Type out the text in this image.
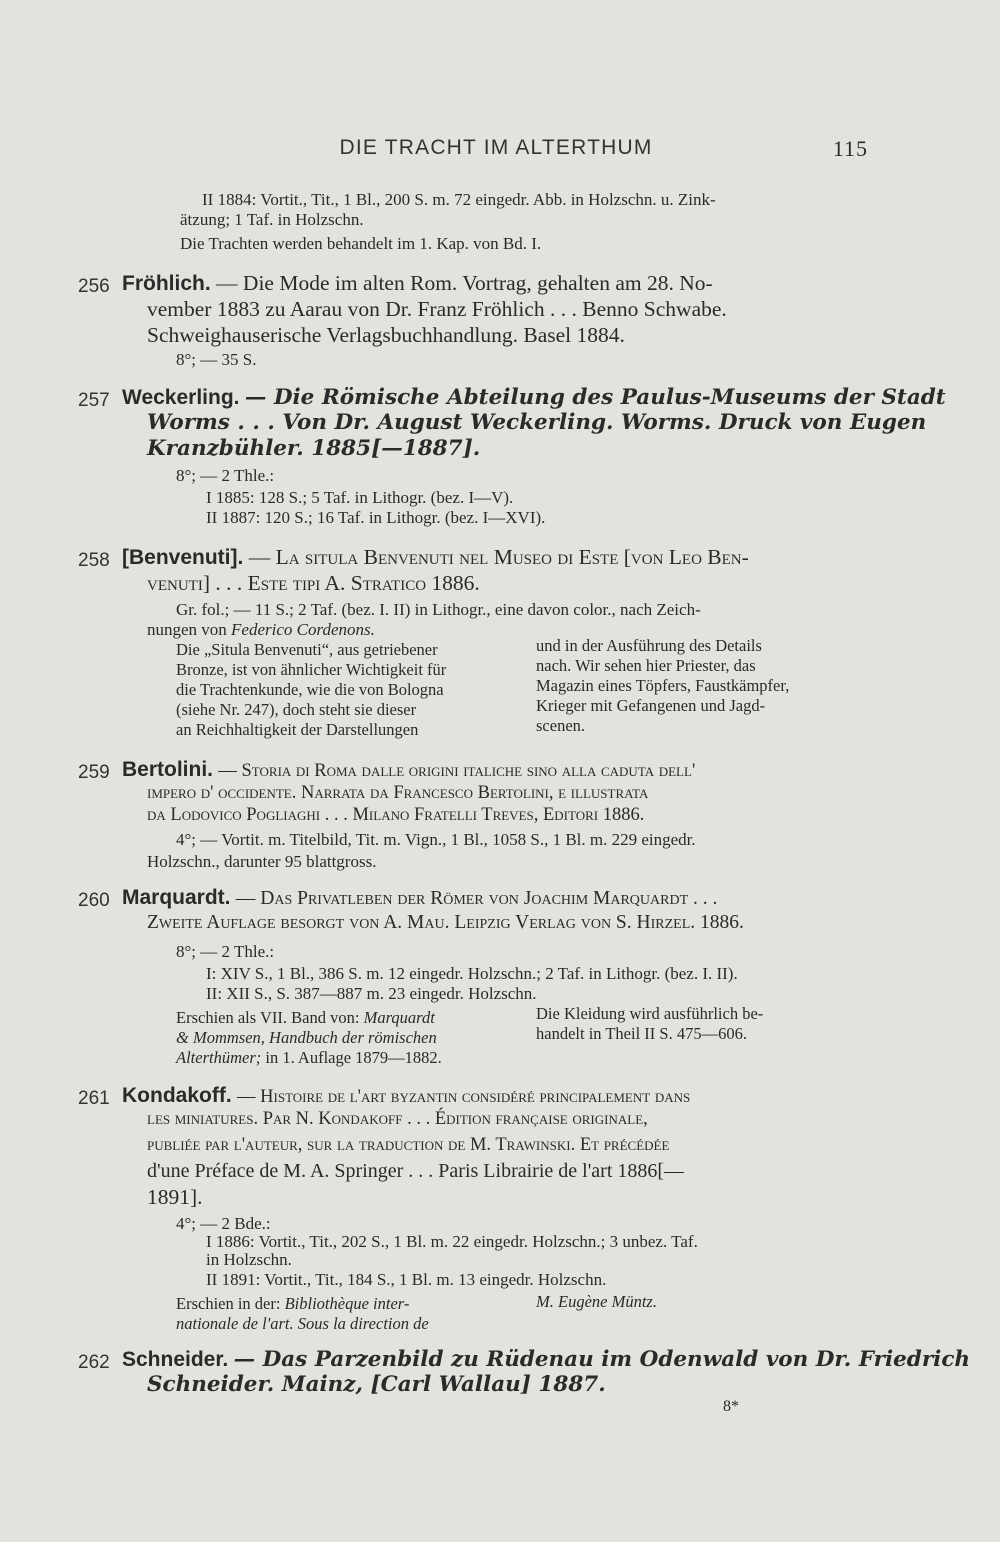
DIE TRACHT IM ALTERTHUM	115
II 1884: Vortit., Tit., 1 Bl., 200 S. m. 72 eingedr. Abb. in Holzschn. u. Zink-
ätzung; 1 Taf. in Holzschn.
Die Trachten werden behandelt im 1. Kap. von Bd. I.
256 Fröhlich. — Die Mode im alten Rom. Vortrag, gehalten am 28. No-
vember 1883 zu Aarau von Dr. Franz Fröhlich . . . Benno Schwabe.
Schweighauserische Verlagsbuchhandlung. Basel 1884.
8°; — 35 S.
257 Weckerling. — Die Römische Abteilung des Paulus-Museums der Stadt
Worms . . . Von Dr. August Weckerling. Worms. Druck von Eugen
Kranzbühler. 1885[—1887].
8°; — 2 Thle.:
I 1885: 128 S.; 5 Taf. in Lithogr. (bez. I—V).
II 1887: 120 S.; 16 Taf. in Lithogr. (bez. I—XVI).
258 [Benvenuti]. — La situla Benvenuti nel Museo di Este [von Leo Ben-
venuti] . . . Este tipi A. Stratico 1886.
Gr. fol.; — 11 S.; 2 Taf. (bez. I. II) in Lithogr., eine davon color., nach Zeich-
nungen von Federico Cordenons.
Die „Situla Benvenuti“, aus getriebener
Bronze, ist von ähnlicher Wichtigkeit für
die Trachtenkunde, wie die von Bologna
(siehe Nr. 247), doch steht sie dieser
an Reichhaltigkeit der Darstellungen
und in der Ausführung des Details
nach. Wir sehen hier Priester, das
Magazin eines Töpfers, Faustkämpfer,
Krieger mit Gefangenen und Jagd-
scenen.
259 Bertolini. — Storia di Roma dalle origini italiche sino alla caduta dell'
impero d' occidente. Narrata da Francesco Bertolini, e illustrata
da Lodovico Pogliaghi . . . Milano Fratelli Treves, Editori 1886.
4°; — Vortit. m. Titelbild, Tit. m. Vign., 1 Bl., 1058 S., 1 Bl. m. 229 eingedr.
Holzschn., darunter 95 blattgross.
260 Marquardt. — Das Privatleben der Römer von Joachim Marquardt . . .
Zweite Auflage besorgt von A. Mau. Leipzig Verlag von S. Hirzel. 1886.
8°; — 2 Thle.:
I: XIV S., 1 Bl., 386 S. m. 12 eingedr. Holzschn.; 2 Taf. in Lithogr. (bez. I. II).
II: XII S., S. 387—887 m. 23 eingedr. Holzschn.
Erschien als VII. Band von: Marquardt
& Mommsen, Handbuch der römischen
Alterthümer; in 1. Auflage 1879—1882.
Die Kleidung wird ausführlich be-
handelt in Theil II S. 475—606.
261 Kondakoff. — Histoire de l'art byzantin considéré principalement dans
les miniatures. Par N. Kondakoff . . . Édition française originale,
publiée par l'auteur, sur la traduction de M. Trawinski. Et précédée
d'une Préface de M. A. Springer . . . Paris Librairie de l'art 1886[—
1891].
4°; — 2 Bde.:
I 1886: Vortit., Tit., 202 S., 1 Bl. m. 22 eingedr. Holzschn.; 3 unbez. Taf.
in Holzschn.
II 1891: Vortit., Tit., 184 S., 1 Bl. m. 13 eingedr. Holzschn.
Erschien in der: Bibliothèque inter-
nationale de l'art. Sous la direction de
M. Eugène Müntz.
262 Schneider. — Das Parzenbild zu Rüdenau im Odenwald von Dr. Friedrich
Schneider. Mainz, [Carl Wallau] 1887.
8*
